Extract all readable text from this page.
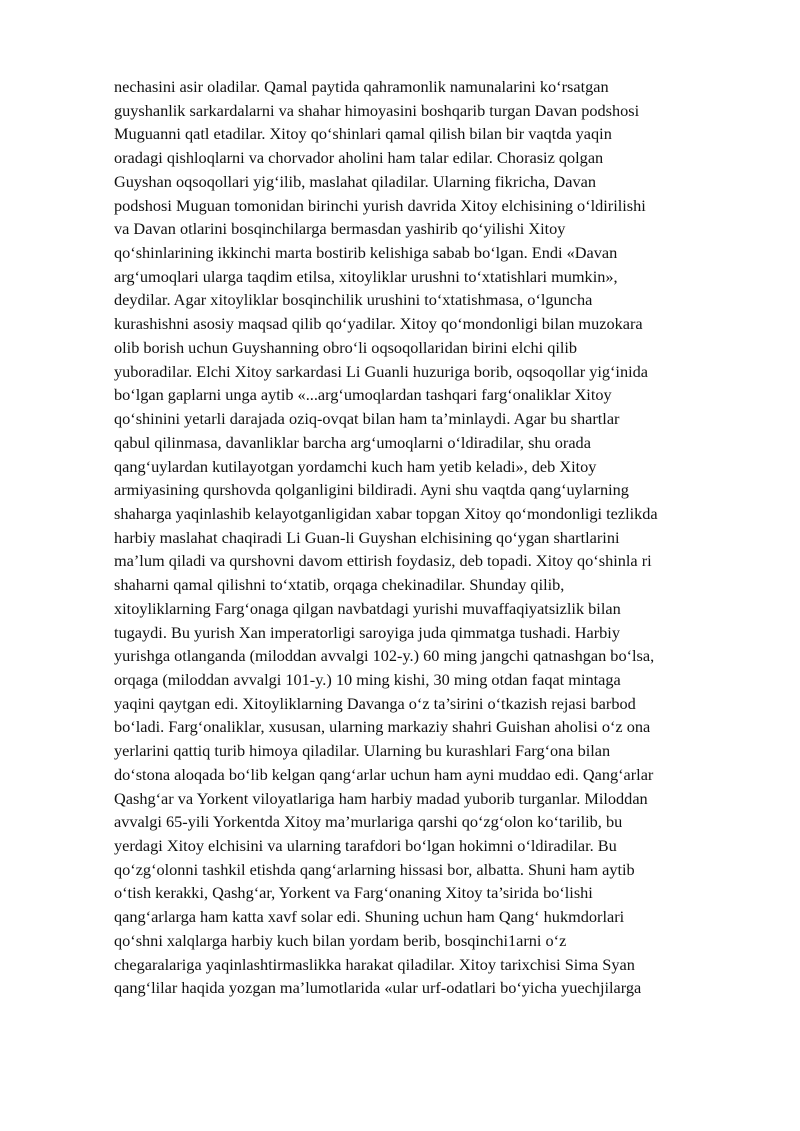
nechasini asir oladilar. Qamal paytida qahramonlik namunalarini ko‘rsatgan
guyshanlik sarkardalarni va shahar himoyasini boshqarib turgan Davan podshosi
Muguanni qatl etadilar. Xitoy qo‘shinlari qamal qilish bilan bir vaqtda yaqin
oradagi qishloqlarni va chorvador aholini ham talar edilar. Chorasiz qolgan
Guyshan oqsoqollari yig‘ilib, maslahat qiladilar. Ularning fikricha, Davan
podshosi Muguan tomonidan birinchi yurish davrida Xitoy elchisining o‘ldirilishi
va Davan otlarini bosqinchilarga bermasdan yashirib qo‘yilishi Xitoy
qo‘shinlarining ikkinchi marta bostirib kelishiga sabab bo‘lgan. Endi «Davan
arg‘umoqlari ularga taqdim etilsa, xitoyliklar urushni to‘xtatishlari mumkin»,
deydilar. Agar xitoyliklar bosqinchilik urushini to‘xtatishmasa, o‘lguncha
kurashishni asosiy maqsad qilib qo‘yadilar. Xitoy qo‘mondonligi bilan muzokara
olib borish uchun Guyshanning obro‘li oqsoqollaridan birini elchi qilib
yuboradilar. Elchi Xitoy sarkardasi Li Guanli huzuriga borib, oqsoqollar yig‘inida
bo‘lgan gaplarni unga aytib «...arg‘umoqlardan tashqari farg‘onaliklar Xitoy
qo‘shinini yetarli darajada oziq-ovqat bilan ham ta’minlaydi. Agar bu shartlar
qabul qilinmasa, davanliklar barcha arg‘umoqlarni o‘ldiradilar, shu orada
qang‘uylardan kutilayotgan yordamchi kuch ham yetib keladi», deb Xitoy
armiyasining qurshovda qolganligini bildiradi. Ayni shu vaqtda qang‘uylarning
shaharga yaqinlashib kelayotganligidan xabar topgan Xitoy qo‘mondonligi tezlikda
harbiy maslahat chaqiradi Li Guan-li Guyshan elchisining qo‘ygan shartlarini
ma’lum qiladi va qurshovni davom ettirish foydasiz, deb topadi. Xitoy qo‘shinla ri
shaharni qamal qilishni to‘xtatib, orqaga chekinadilar. Shunday qilib,
xitoyliklarning Farg‘onaga qilgan navbatdagi yurishi muvaffaqiyatsizlik bilan
tugaydi. Bu yurish Xan imperatorligi saroyiga juda qimmatga tushadi. Harbiy
yurishga otlanganda (miloddan avvalgi 102-y.) 60 ming jangchi qatnashgan bo‘lsa,
orqaga (miloddan avvalgi 101-y.) 10 ming kishi, 30 ming otdan faqat mintaga
yaqini qaytgan edi. Xitoyliklarning Davanga o‘z ta’sirini o‘tkazish rejasi barbod
bo‘ladi. Farg‘onaliklar, xususan, ularning markaziy shahri Guishan aholisi o‘z ona
yerlarini qattiq turib himoya qiladilar. Ularning bu kurashlari Farg‘ona bilan
do‘stona aloqada bo‘lib kelgan qang‘arlar uchun ham ayni muddao edi. Qang‘arlar
Qashg‘ar va Yorkent viloyatlariga ham harbiy madad yuborib turganlar. Miloddan
avvalgi 65-yili Yorkentda Xitoy ma’murlariga qarshi qo‘zg‘olon ko‘tarilib, bu
yerdagi Xitoy elchisini va ularning tarafdori bo‘lgan hokimni o‘ldiradilar. Bu
qo‘zg‘olonni tashkil etishda qang‘arlarning hissasi bor, albatta. Shuni ham aytib
o‘tish kerakki, Qashg‘ar, Yorkent va Farg‘onaning Xitoy ta’sirida bo‘lishi
qang‘arlarga ham katta xavf solar edi. Shuning uchun ham Qang‘ hukmdorlari
qo‘shni xalqlarga harbiy kuch bilan yordam berib, bosqinchi1arni o‘z
chegaralariga yaqinlashtirmaslikka harakat qiladilar. Xitoy tarixchisi Sima Syan
qang‘lilar haqida yozgan ma’lumotlarida «ular urf-odatlari bo‘yicha yuechjilarga
